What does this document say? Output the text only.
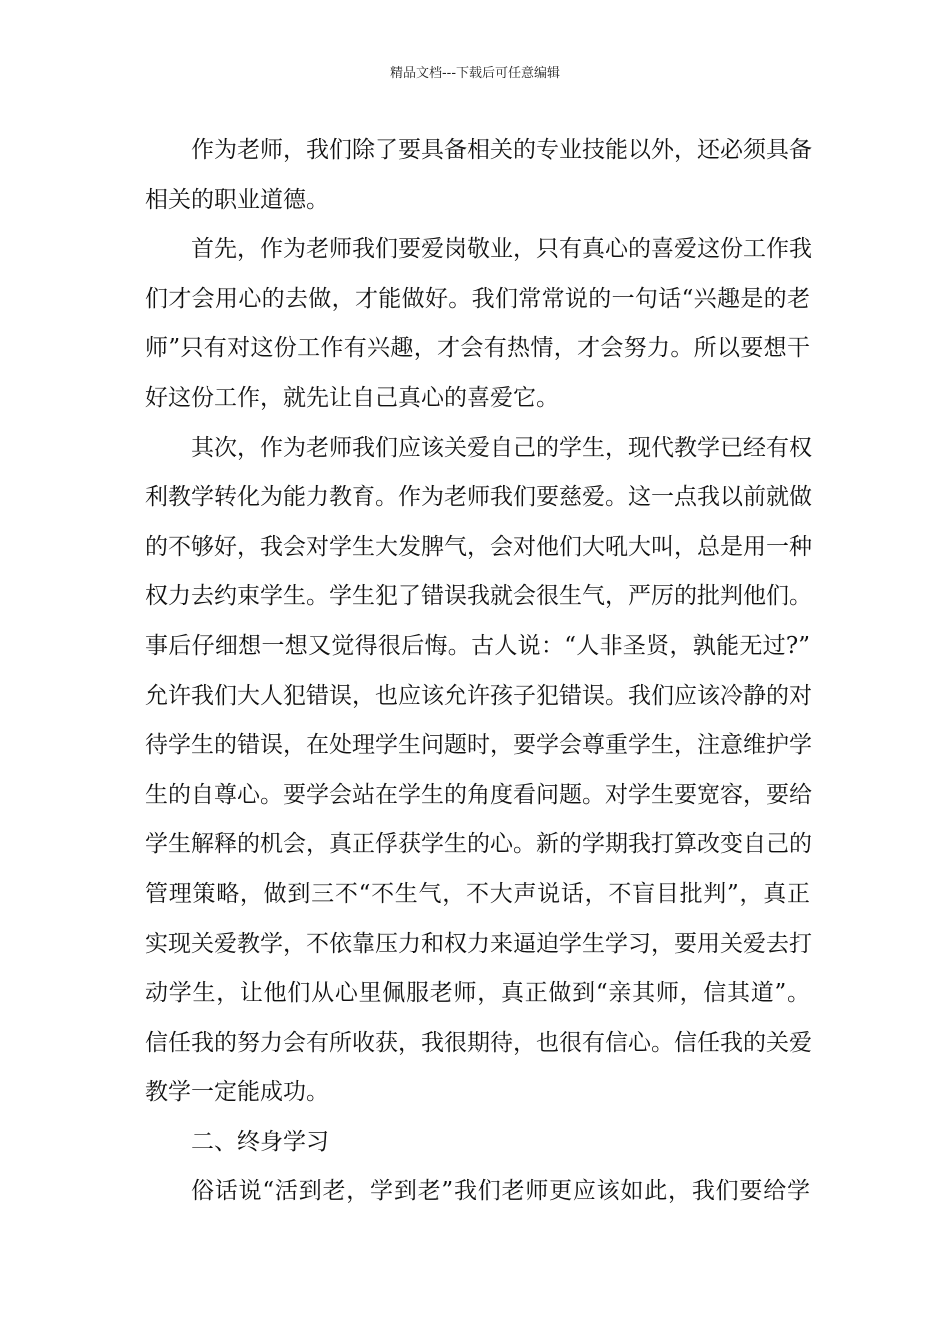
精品文档---下载后可任意编辑
作为老师，我们除了要具备相关的专业技能以外，还必须具备
相关的职业道德。
首先，作为老师我们要爱岗敬业，只有真心的喜爱这份工作我
们才会用心的去做，才能做好。我们常常说的一句话“兴趣是的老
师”只有对这份工作有兴趣，才会有热情，才会努力。所以要想干
好这份工作，就先让自己真心的喜爱它。
其次，作为老师我们应该关爱自己的学生，现代教学已经有权
利教学转化为能力教育。作为老师我们要慈爱。这一点我以前就做
的不够好，我会对学生大发脾气，会对他们大吼大叫，总是用一种
权力去约束学生。学生犯了错误我就会很生气，严厉的批判他们。
事后仔细想一想又觉得很后悔。古人说：“人非圣贤，孰能无过?”
允许我们大人犯错误，也应该允许孩子犯错误。我们应该冷静的对
待学生的错误，在处理学生问题时，要学会尊重学生，注意维护学
生的自尊心。要学会站在学生的角度看问题。对学生要宽容，要给
学生解释的机会，真正俘获学生的心。新的学期我打算改变自己的
管理策略，做到三不“不生气，不大声说话，不盲目批判”，真正
实现关爱教学，不依靠压力和权力来逼迫学生学习，要用关爱去打
动学生，让他们从心里佩服老师，真正做到“亲其师，信其道”。
信任我的努力会有所收获，我很期待，也很有信心。信任我的关爱
教学一定能成功。
二、终身学习
俗话说“活到老，学到老”我们老师更应该如此，我们要给学
